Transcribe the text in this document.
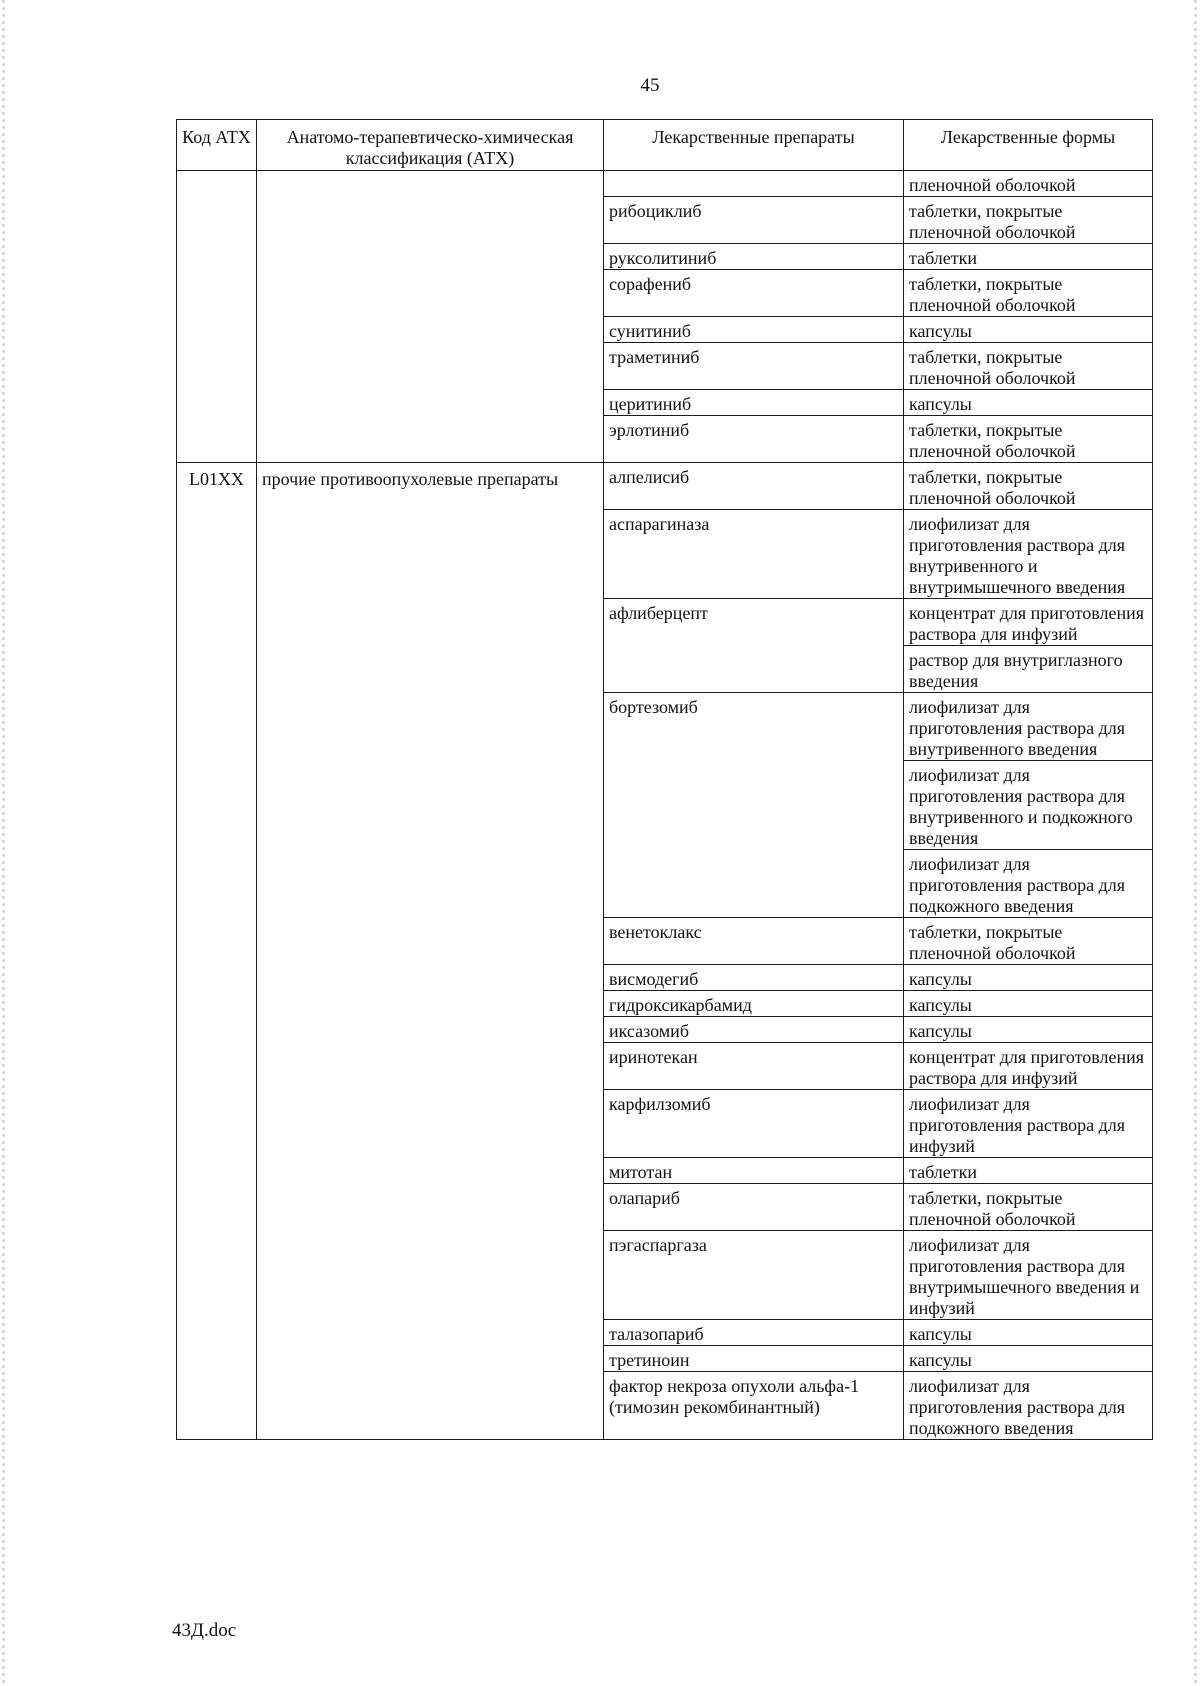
45
Код АТХ	Анатомо-терапевтическо-химическая классификация (АТХ)	Лекарственные препараты	Лекарственные формы
			пленочной оболочкой
		рибоциклиб	таблетки, покрытые пленочной оболочкой
		руксолитиниб	таблетки
		сорафениб	таблетки, покрытые пленочной оболочкой
		сунитиниб	капсулы
		траметиниб	таблетки, покрытые пленочной оболочкой
		церитиниб	капсулы
		эрлотиниб	таблетки, покрытые пленочной оболочкой
L01XX	прочие противоопухолевые препараты	алпелисиб	таблетки, покрытые пленочной оболочкой
		аспарагиназа	лиофилизат для приготовления раствора для внутривенного и внутримышечного введения
		афлиберцепт	концентрат для приготовления раствора для инфузий
			раствор для внутриглазного введения
		бортезомиб	лиофилизат для приготовления раствора для внутривенного введения
			лиофилизат для приготовления раствора для внутривенного и подкожного введения
			лиофилизат для приготовления раствора для подкожного введения
		венетоклакс	таблетки, покрытые пленочной оболочкой
		висмодегиб	капсулы
		гидроксикарбамид	капсулы
		иксазомиб	капсулы
		иринотекан	концентрат для приготовления раствора для инфузий
		карфилзомиб	лиофилизат для приготовления раствора для инфузий
		митотан	таблетки
		олапариб	таблетки, покрытые пленочной оболочкой
		пэгаспаргаза	лиофилизат для приготовления раствора для внутримышечного введения и инфузий
		талазопариб	капсулы
		третиноин	капсулы
		фактор некроза опухоли альфа-1 (тимозин рекомбинантный)	лиофилизат для приготовления раствора для подкожного введения
43Д.doc
